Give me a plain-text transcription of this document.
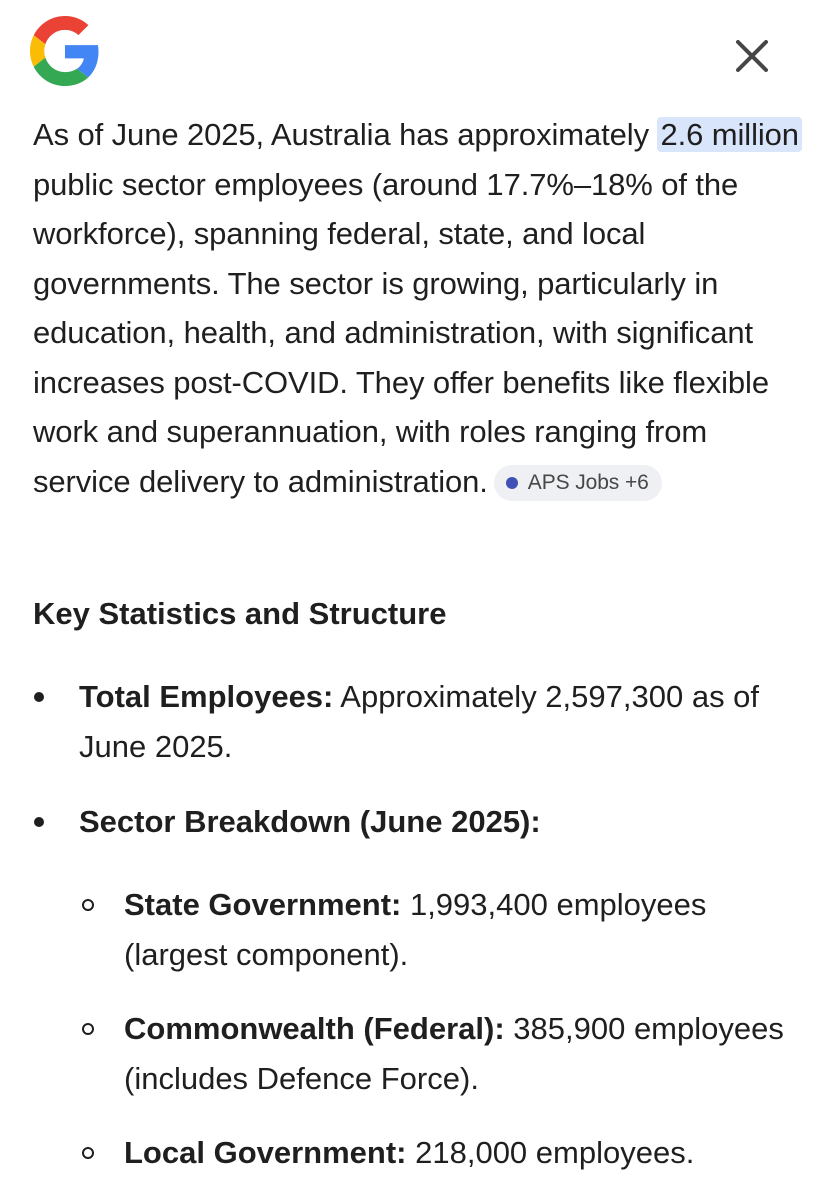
As of June 2025, Australia has approximately 2.6 million public sector employees (around 17.7%–18% of the workforce), spanning federal, state, and local governments. The sector is growing, particularly in education, health, and administration, with significant increases post-COVID. They offer benefits like flexible work and superannuation, with roles ranging from service delivery to administration. APS Jobs +6

Key Statistics and Structure
Total Employees: Approximately 2,597,300 as of June 2025.
Sector Breakdown (June 2025):
State Government: 1,993,400 employees (largest component).
Commonwealth (Federal): 385,900 employees (includes Defence Force).
Local Government: 218,000 employees.
